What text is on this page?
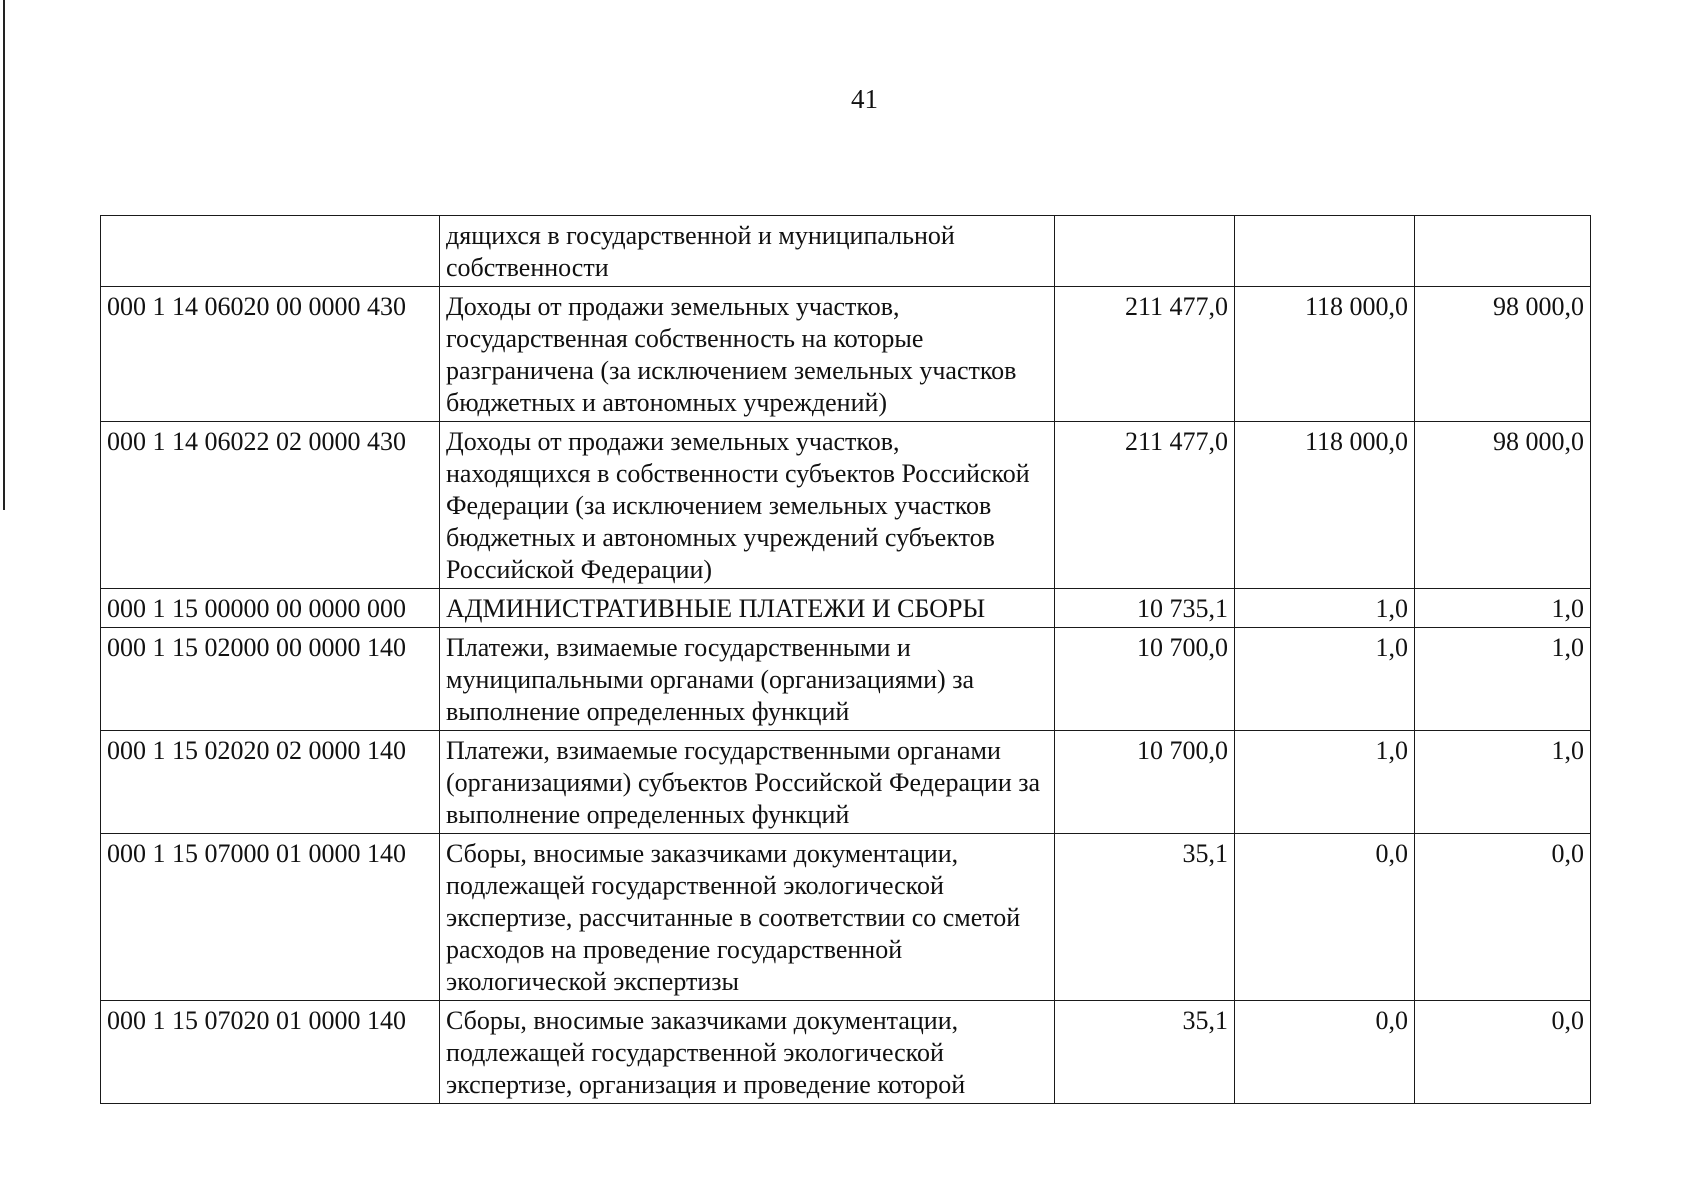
41
	дящихся в государственной и муниципальной собственности			
000 1 14 06020 00 0000 430	Доходы от продажи земельных участков, государственная собственность на которые разграничена (за исключением земельных участков бюджетных и автономных учреждений)	211 477,0	118 000,0	98 000,0
000 1 14 06022 02 0000 430	Доходы от продажи земельных участков, находящихся в собственности субъектов Российской Федерации (за исключением земельных участков бюджетных и автономных учреждений субъектов Российской Федерации)	211 477,0	118 000,0	98 000,0
000 1 15 00000 00 0000 000	АДМИНИСТРАТИВНЫЕ ПЛАТЕЖИ И СБОРЫ	10 735,1	1,0	1,0
000 1 15 02000 00 0000 140	Платежи, взимаемые государственными и муниципальными органами (организациями) за выполнение определенных функций	10 700,0	1,0	1,0
000 1 15 02020 02 0000 140	Платежи, взимаемые государственными органами (организациями) субъектов Российской Федерации за выполнение определенных функций	10 700,0	1,0	1,0
000 1 15 07000 01 0000 140	Сборы, вносимые заказчиками документации, подлежащей государственной экологической экспертизе, рассчитанные в соответствии со сметой расходов на проведение государственной экологической экспертизы	35,1	0,0	0,0
000 1 15 07020 01 0000 140	Сборы, вносимые заказчиками документации, подлежащей государственной экологической экспертизе, организация и проведение которой	35,1	0,0	0,0
